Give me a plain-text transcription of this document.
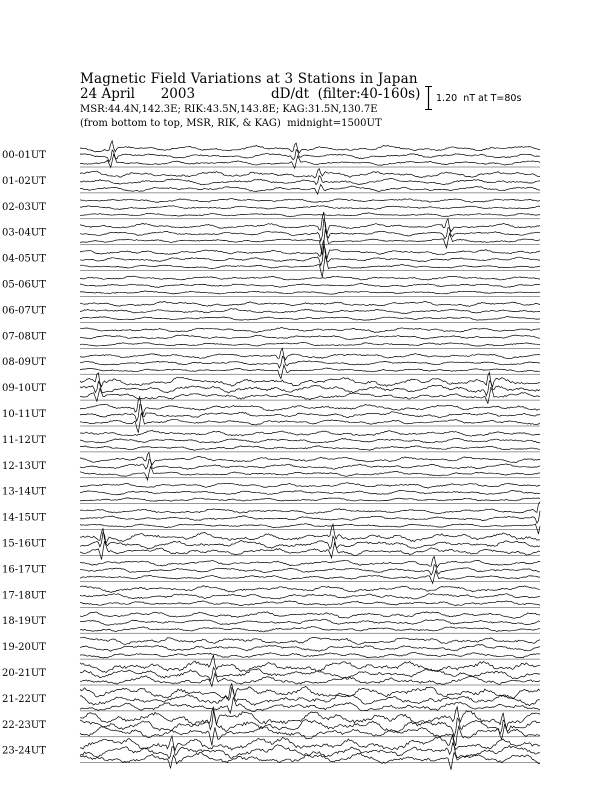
Magnetic Field Variations at 3 Stations in Japan
24 April      2003	dD/dt  (filter:40-160s)
MSR:44.4N,142.3E; RIK:43.5N,143.8E; KAG:31.5N,130.7E
(from bottom to top, MSR, RIK, & KAG)  midnight=1500UT
1.20  nT at T=80s
00-01UT
01-02UT
02-03UT
03-04UT
04-05UT
05-06UT
06-07UT
07-08UT
08-09UT
09-10UT
10-11UT
11-12UT
12-13UT
13-14UT
14-15UT
15-16UT
16-17UT
17-18UT
18-19UT
19-20UT
20-21UT
21-22UT
22-23UT
23-24UT
